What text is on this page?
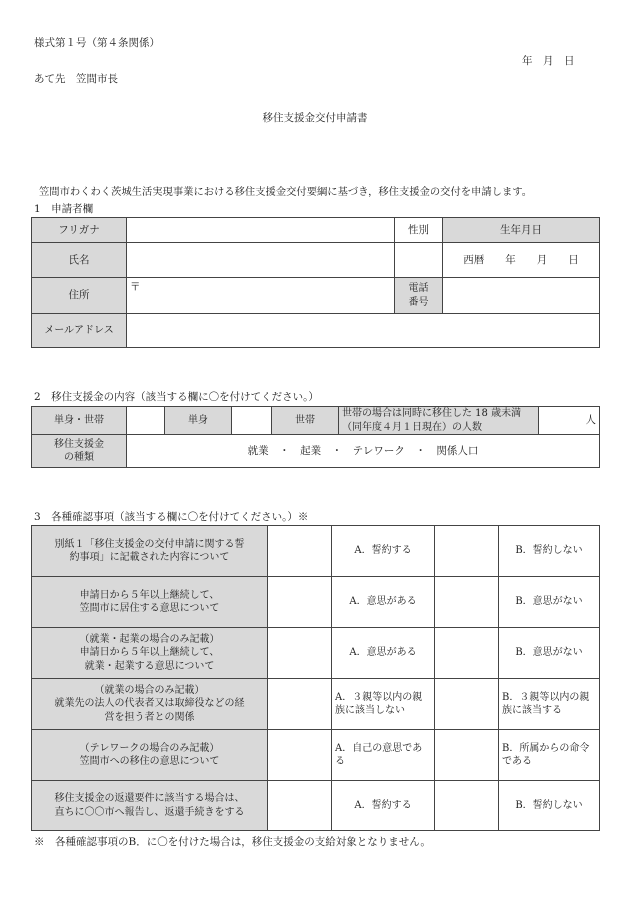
様式第１号（第４条関係）
年　月　日
あて先　笠間市長
移住支援金交付申請書
笠間市わくわく茨城生活実現事業における移住支援金交付要綱に基づき，移住支援金の交付を申請します。
1　申請者欄
フリガナ		性別	生年月日
氏名			西暦　　年　　月　　日
住所	〒	電話
番号	
メールアドレス			
2　移住支援金の内容（該当する欄に〇を付けてください。）
単身・世帯		単身		世帯	世帯の場合は同時に移住した 18 歳未満（同年度４月１日現在）の人数	人
移住支援金
の種類	就業　・　起業　・　テレワーク　・　関係人口					
3　各種確認事項（該当する欄に〇を付けてください。）※
別紙１「移住支援金の交付申請に関する誓
約事項」に記載された内容について		A．誓約する		B．誓約しない
申請日から５年以上継続して、
笠間市に居住する意思について		A．意思がある		B．意思がない
（就業・起業の場合のみ記載）
申請日から５年以上継続して、
就業・起業する意思について		A．意思がある		B．意思がない
（就業の場合のみ記載）
就業先の法人の代表者又は取締役などの経
営を担う者との関係		A．３親等以内の親族に該当しない		B．３親等以内の親族に該当する
（テレワークの場合のみ記載）
笠間市への移住の意思について		A．自己の意思である		B．所属からの命令である
移住支援金の返還要件に該当する場合は、
直ちに〇〇市へ報告し、返還手続きをする		A．誓約する		B．誓約しない
※　各種確認事項のB．に〇を付けた場合は，移住支援金の支給対象となりません。
